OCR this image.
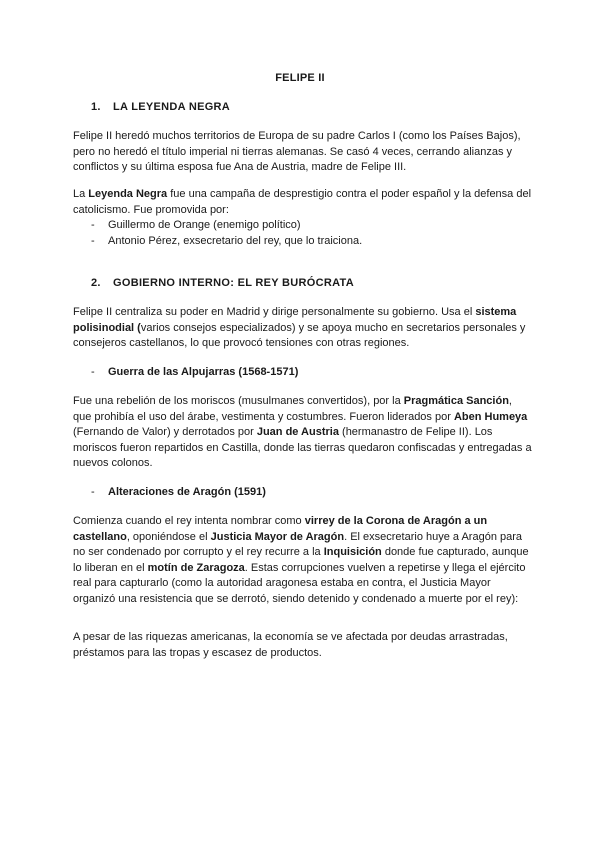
FELIPE II
1. LA LEYENDA NEGRA
Felipe II heredó muchos territorios de Europa de su padre Carlos I (como los Países Bajos), pero no heredó el título imperial ni tierras alemanas. Se casó 4 veces, cerrando alianzas y conflictos y su última esposa fue Ana de Austria, madre de Felipe III.
La Leyenda Negra fue una campaña de desprestigio contra el poder español y la defensa del catolicismo. Fue promovida por:
- Guillermo de Orange (enemigo político)
- Antonio Pérez, exsecretario del rey, que lo traiciona.
2. GOBIERNO INTERNO: EL REY BURÓCRATA
Felipe II centraliza su poder en Madrid y dirige personalmente su gobierno. Usa el sistema polisinodial (varios consejos especializados) y se apoya mucho en secretarios personales y consejeros castellanos, lo que provocó tensiones con otras regiones.
- Guerra de las Alpujarras (1568-1571)
Fue una rebelión de los moriscos (musulmanes convertidos), por la Pragmática Sanción, que prohibía el uso del árabe, vestimenta y costumbres. Fueron liderados por Aben Humeya (Fernando de Valor) y derrotados por Juan de Austria (hermanastro de Felipe II). Los moriscos fueron repartidos en Castilla, donde las tierras quedaron confiscadas y entregadas a nuevos colonos.
- Alteraciones de Aragón (1591)
Comienza cuando el rey intenta nombrar como virrey de la Corona de Aragón a un castellano, oponiéndose el Justicia Mayor de Aragón. El exsecretario huye a Aragón para no ser condenado por corrupto y el rey recurre a la Inquisición donde fue capturado, aunque lo liberan en el motín de Zaragoza. Estas corrupciones vuelven a repetirse y llega el ejército real para capturarlo (como la autoridad aragonesa estaba en contra, el Justicia Mayor organizó una resistencia que se derrotó, siendo detenido y condenado a muerte por el rey):
A pesar de las riquezas americanas, la economía se ve afectada por deudas arrastradas, préstamos para las tropas y escasez de productos.
